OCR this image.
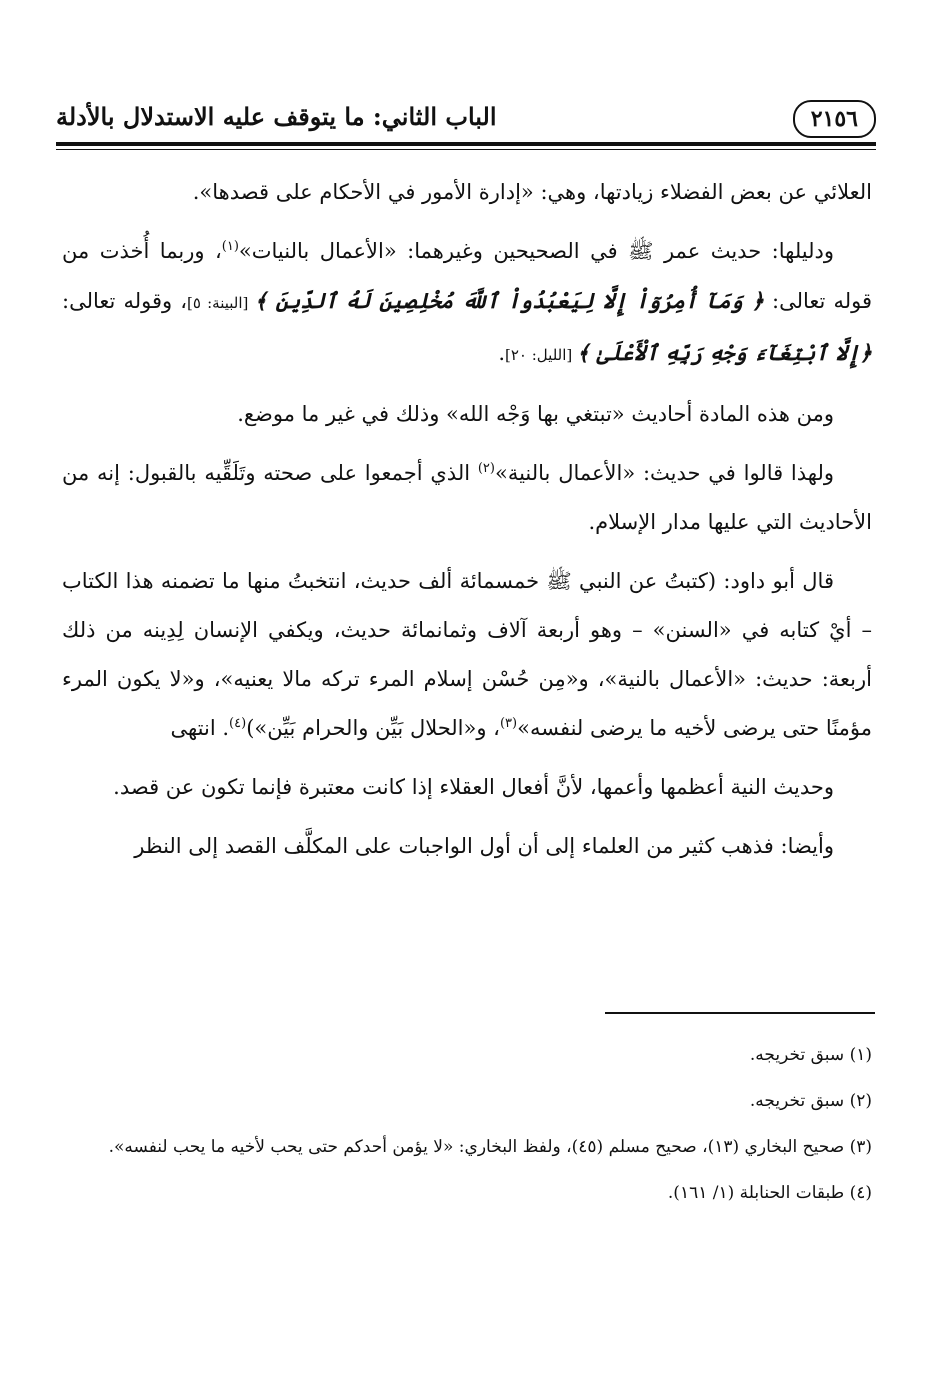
٢١٥٦
الباب الثاني: ما يتوقف عليه الاستدلال بالأدلة

العلائي عن بعض الفضلاء زيادتها، وهي: «إدارة الأمور في الأحكام على قصدها».

ودليلها: حديث عمر ﷺ في الصحيحين وغيرهما: «الأعمال بالنيات»$^{(١)}$، وربما أُخذت من قوله تعالى: ﴿ وَمَآ أُمِرُوٓاْ إِلَّا لِيَعْبُدُواْ ٱللَّهَ مُخْلِصِينَ لَهُ ٱلدِّينَ ﴾ [البينة: ٥]، وقوله تعالى: ﴿إِلَّا ٱبْتِغَآءَ وَجْهِ رَبِّهِ ٱلْأَعْلَىٰ ﴾ [الليل: ٢٠].

ومن هذه المادة أحاديث «تبتغي بها وَجْه الله» وذلك في غير ما موضع.

ولهذا قالوا في حديث: «الأعمال بالنية»$^{(٢)}$ الذي أجمعوا على صحته وتَلَقِّيه بالقبول: إنه من الأحاديث التي عليها مدار الإسلام.

قال أبو داود: (كتبتُ عن النبي ﷺ خمسمائة ألف حديث، انتخبتُ منها ما تضمنه هذا الكتاب – أيْ كتابه في «السنن» – وهو أربعة آلاف وثمانمائة حديث، ويكفي الإنسان لِدِينه من ذلك أربعة: حديث: «الأعمال بالنية»، و«مِن حُسْن إسلام المرء تركه مالا يعنيه»، و«لا يكون المرء مؤمنًا حتى يرضى لأخيه ما يرضى لنفسه»$^{(٣)}$، و«الحلال بَيِّن والحرام بَيِّن»)$^{(٤)}$. انتهى

وحديث النية أعظمها وأعمها، لأنَّ أفعال العقلاء إذا كانت معتبرة فإنما تكون عن قصد.

وأيضا: فذهب كثير من العلماء إلى أن أول الواجبات على المكلَّف القصد إلى النظر

(١) سبق تخريجه.

(٢) سبق تخريجه.

(٣) صحيح البخاري (١٣)، صحيح مسلم (٤٥)، ولفظ البخاري: «لا يؤمن أحدكم حتى يحب لأخيه ما يحب لنفسه».

(٤) طبقات الحنابلة (١/ ١٦١).
